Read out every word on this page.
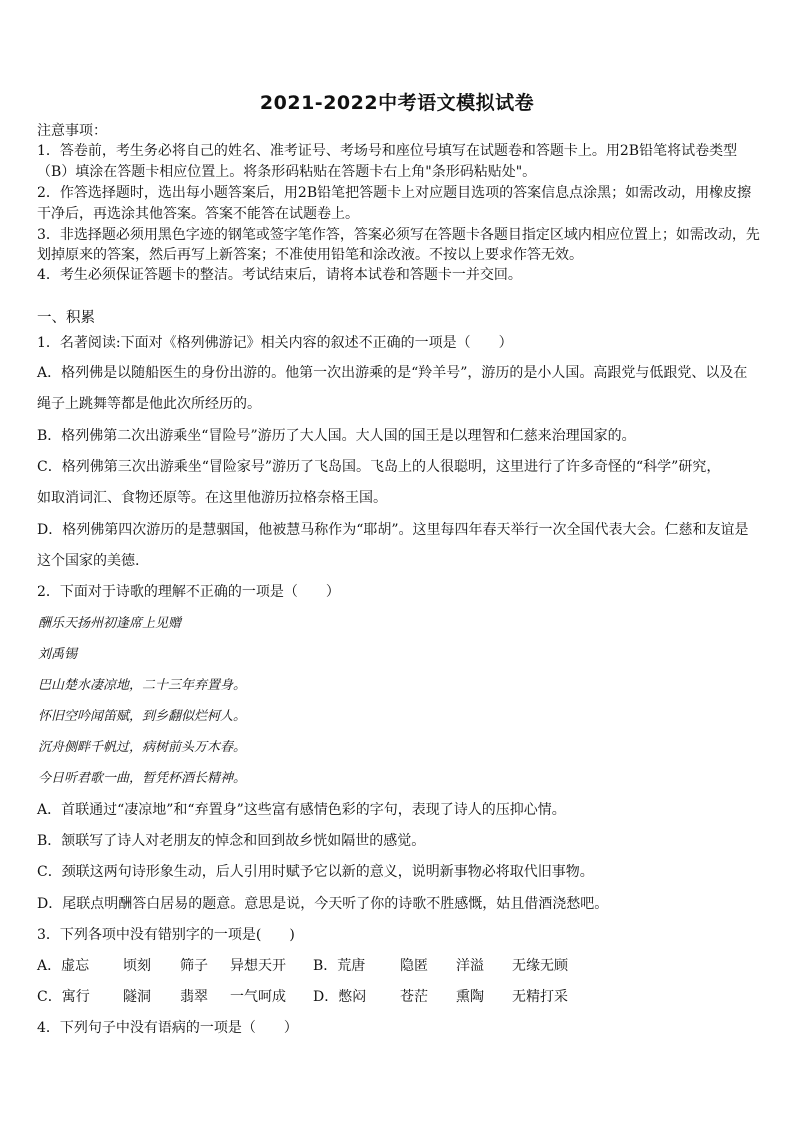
2021-2022中考语文模拟试卷
注意事项：
1．答卷前，考生务必将自己的姓名、准考证号、考场号和座位号填写在试题卷和答题卡上。用2B铅笔将试卷类型
（B）填涂在答题卡相应位置上。将条形码粘贴在答题卡右上角"条形码粘贴处"。
2．作答选择题时，选出每小题答案后，用2B铅笔把答题卡上对应题目选项的答案信息点涂黑；如需改动，用橡皮擦
干净后，再选涂其他答案。答案不能答在试题卷上。
3．非选择题必须用黑色字迹的钢笔或签字笔作答，答案必须写在答题卡各题目指定区域内相应位置上；如需改动，先
划掉原来的答案，然后再写上新答案；不准使用铅笔和涂改液。不按以上要求作答无效。
4．考生必须保证答题卡的整洁。考试结束后，请将本试卷和答题卡一并交回。
一、积累
1．名著阅读:下面对《格列佛游记》相关内容的叙述不正确的一项是（　　）
A．格列佛是以随船医生的身份出游的。他第一次出游乘的是“羚羊号”，游历的是小人国。高跟党与低跟党、以及在
绳子上跳舞等都是他此次所经历的。
B．格列佛第二次出游乘坐“冒险号”游历了大人国。大人国的国王是以理智和仁慈来治理国家的。
C．格列佛第三次出游乘坐“冒险家号”游历了飞岛国。飞岛上的人很聪明，这里进行了许多奇怪的“科学”研究，
如取消词汇、食物还原等。在这里他游历拉格奈格王国。
D．格列佛第四次游历的是慧骃国，他被慧马称作为“耶胡”。这里每四年春天举行一次全国代表大会。仁慈和友谊是
这个国家的美德.
2．下面对于诗歌的理解不正确的一项是（　　）
酬乐天扬州初逢席上见赠
刘禹锡
巴山楚水凄凉地，二十三年弃置身。
怀旧空吟闻笛赋，到乡翻似烂柯人。
沉舟侧畔千帆过，病树前头万木春。
今日听君歌一曲，暂凭杯酒长精神。
A．首联通过“凄凉地”和“弃置身”这些富有感情色彩的字句，表现了诗人的压抑心情。
B．颔联写了诗人对老朋友的悼念和回到故乡恍如隔世的感觉。
C．颈联这两句诗形象生动，后人引用时赋予它以新的意义，说明新事物必将取代旧事物。
D．尾联点明酬答白居易的题意。意思是说，今天听了你的诗歌不胜感慨，姑且借酒浇愁吧。
3．下列各项中没有错别字的一项是(　　)
A．虚忘 顷刻 筛子 异想天开 B．荒唐 隐匿 洋溢 无缘无顾
C．寓行 隧洞 翡翠 一气呵成 D．憋闷 苍茫 熏陶 无精打采
4．下列句子中没有语病的一项是（　　）
